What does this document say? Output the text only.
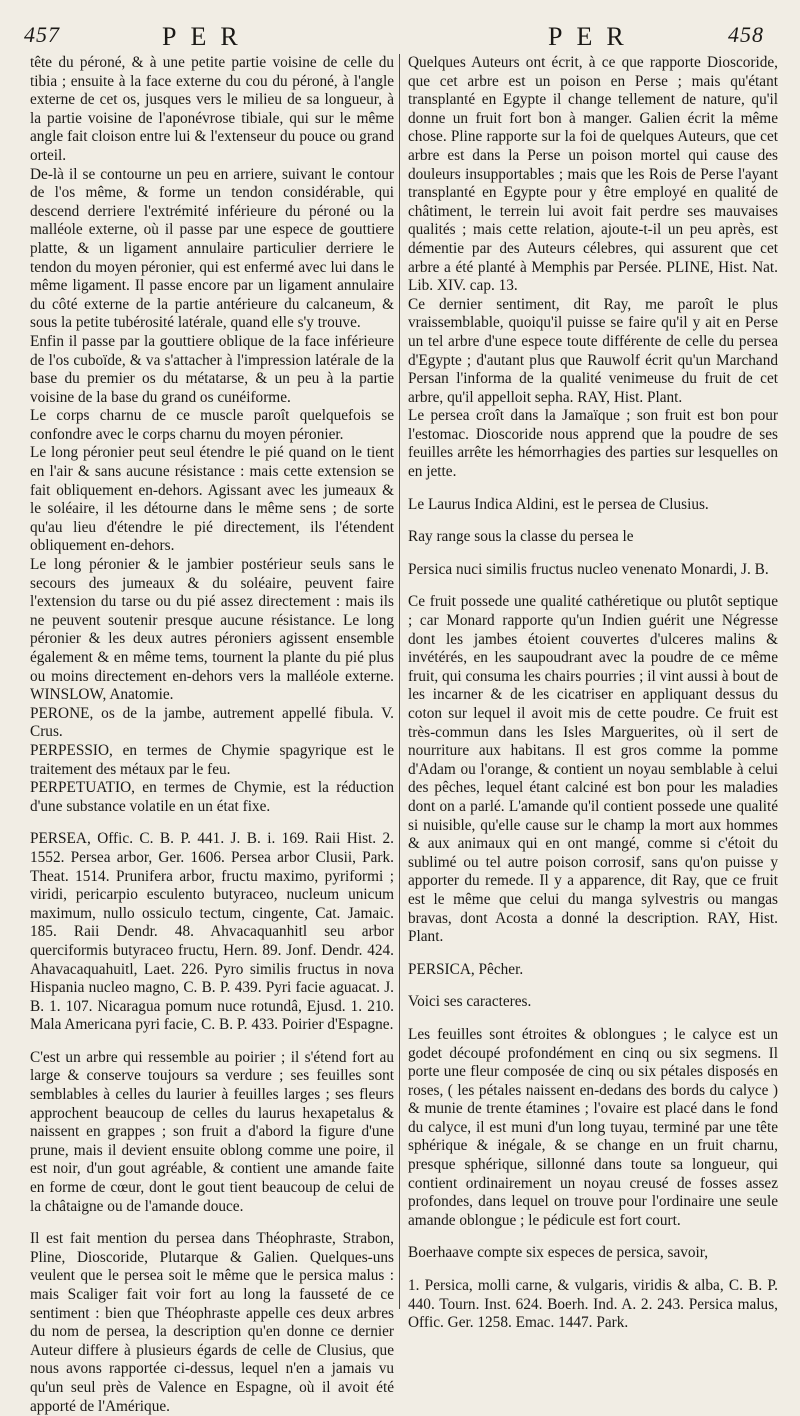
457	PER	PER	458

tête du péroné, & à une petite partie voisine de celle du tibia ; ensuite à la face externe du cou du péroné, à l'angle externe de cet os, jusques vers le milieu de sa longueur, à la partie voisine de l'aponévrose tibiale, qui sur le même angle fait cloison entre lui & l'extenseur du pouce ou grand orteil.

De-là il se contourne un peu en arriere, suivant le contour de l'os même, & forme un tendon considérable, qui descend derriere l'extrémité inférieure du péroné ou la malléole externe, où il passe par une espece de gouttiere platte, & un ligament annulaire particulier derriere le tendon du moyen péronier, qui est enfermé avec lui dans le même ligament. Il passe encore par un ligament annulaire du côté externe de la partie antérieure du calcaneum, & sous la petite tubérosité latérale, quand elle s'y trouve.

Enfin il passe par la gouttiere oblique de la face inférieure de l'os cuboïde, & va s'attacher à l'impression latérale de la base du premier os du métatarse, & un peu à la partie voisine de la base du grand os cunéiforme.

Le corps charnu de ce muscle paroît quelquefois se confondre avec le corps charnu du moyen péronier.

Le long péronier peut seul étendre le pié quand on le tient en l'air & sans aucune résistance : mais cette extension se fait obliquement en-dehors. Agissant avec les jumeaux & le soléaire, il les détourne dans le même sens ; de sorte qu'au lieu d'étendre le pié directement, ils l'étendent obliquement en-dehors.

Le long péronier & le jambier postérieur seuls sans le secours des jumeaux & du soléaire, peuvent faire l'extension du tarse ou du pié assez directement : mais ils ne peuvent soutenir presque aucune résistance. Le long péronier & les deux autres péroniers agissent ensemble également & en même tems, tournent la plante du pié plus ou moins directement en-dehors vers la malléole externe. WINSLOW, Anatomie.

PERONE, os de la jambe, autrement appellé fibula. V. Crus.

PERPESSIO, en termes de Chymie spagyrique est le traitement des métaux par le feu.

PERPETUATIO, en termes de Chymie, est la réduction d'une substance volatile en un état fixe.

PERSEA, Offic. C. B. P. 441. J. B. i. 169. Raii Hist. 2. 1552. Persea arbor, Ger. 1606. Persea arbor Clusii, Park. Theat. 1514. Prunifera arbor, fructu maximo, pyriformi ; viridi, pericarpio esculento butyraceo, nucleum unicum maximum, nullo ossiculo tectum, cingente, Cat. Jamaic. 185. Raii Dendr. 48. Ahvacaquanhitl seu arbor querciformis butyraceo fructu, Hern. 89. Jonf. Dendr. 424. Ahavacaquahuitl, Laet. 226. Pyro similis fructus in nova Hispania nucleo magno, C. B. P. 439. Pyri facie aguacat. J. B. 1. 107. Nicaragua pomum nuce rotundâ, Ejusd. 1. 210. Mala Americana pyri facie, C. B. P. 433. Poirier d'Espagne.

C'est un arbre qui ressemble au poirier ; il s'étend fort au large & conserve toujours sa verdure ; ses feuilles sont semblables à celles du laurier à feuilles larges ; ses fleurs approchent beaucoup de celles du laurus hexapetalus & naissent en grappes ; son fruit a d'abord la figure d'une prune, mais il devient ensuite oblong comme une poire, il est noir, d'un gout agréable, & contient une amande faite en forme de cœur, dont le gout tient beaucoup de celui de la châtaigne ou de l'amande douce.

Il est fait mention du persea dans Théophraste, Strabon, Pline, Dioscoride, Plutarque & Galien. Quelques-uns veulent que le persea soit le même que le persica malus : mais Scaliger fait voir fort au long la fausseté de ce sentiment : bien que Théophraste appelle ces deux arbres du nom de persea, la description qu'en donne ce dernier Auteur differe à plusieurs égards de celle de Clusius, que nous avons rapportée ci-dessus, lequel n'en a jamais vu qu'un seul près de Valence en Espagne, où il avoit été apporté de l'Amérique.

Quelques Auteurs ont écrit, à ce que rapporte Dioscoride, que cet arbre est un poison en Perse ; mais qu'étant transplanté en Egypte il change tellement de nature, qu'il donne un fruit fort bon à manger. Galien écrit la même chose. Pline rapporte sur la foi de quelques Auteurs, que cet arbre est dans la Perse un poison mortel qui cause des douleurs insupportables ; mais que les Rois de Perse l'ayant transplanté en Egypte pour y être employé en qualité de châtiment, le terrein lui avoit fait perdre ses mauvaises qualités ; mais cette relation, ajoute-t-il un peu après, est démentie par des Auteurs célebres, qui assurent que cet arbre a été planté à Memphis par Persée. PLINE, Hist. Nat. Lib. XIV. cap. 13.

Ce dernier sentiment, dit Ray, me paroît le plus vraissemblable, quoiqu'il puisse se faire qu'il y ait en Perse un tel arbre d'une espece toute différente de celle du persea d'Egypte ; d'autant plus que Rauwolf écrit qu'un Marchand Persan l'informa de la qualité venimeuse du fruit de cet arbre, qu'il appelloit sepha. RAY, Hist. Plant.

Le persea croît dans la Jamaïque ; son fruit est bon pour l'estomac. Dioscoride nous apprend que la poudre de ses feuilles arrête les hémorrhagies des parties sur lesquelles on en jette.

Le Laurus Indica Aldini, est le persea de Clusius.

Ray range sous la classe du persea le

Persica nuci similis fructus nucleo venenato Monardi, J. B.

Ce fruit possede une qualité cathéretique ou plutôt septique ; car Monard rapporte qu'un Indien guérit une Négresse dont les jambes étoient couvertes d'ulceres malins & invétérés, en les saupoudrant avec la poudre de ce même fruit, qui consuma les chairs pourries ; il vint aussi à bout de les incarner & de les cicatriser en appliquant dessus du coton sur lequel il avoit mis de cette poudre. Ce fruit est très-commun dans les Isles Marguerites, où il sert de nourriture aux habitans. Il est gros comme la pomme d'Adam ou l'orange, & contient un noyau semblable à celui des pêches, lequel étant calciné est bon pour les maladies dont on a parlé. L'amande qu'il contient possede une qualité si nuisible, qu'elle cause sur le champ la mort aux hommes & aux animaux qui en ont mangé, comme si c'étoit du sublimé ou tel autre poison corrosif, sans qu'on puisse y apporter du remede. Il y a apparence, dit Ray, que ce fruit est le même que celui du manga sylvestris ou mangas bravas, dont Acosta a donné la description. RAY, Hist. Plant.

PERSICA, Pêcher.

Voici ses caracteres.

Les feuilles sont étroites & oblongues ; le calyce est un godet découpé profondément en cinq ou six segmens. Il porte une fleur composée de cinq ou six pétales disposés en roses, ( les pétales naissent en-dedans des bords du calyce ) & munie de trente étamines ; l'ovaire est placé dans le fond du calyce, il est muni d'un long tuyau, terminé par une tête sphérique & inégale, & se change en un fruit charnu, presque sphérique, sillonné dans toute sa longueur, qui contient ordinairement un noyau creusé de fosses assez profondes, dans lequel on trouve pour l'ordinaire une seule amande oblongue ; le pédicule est fort court.

Boerhaave compte six especes de persica, savoir,

1. Persica, molli carne, & vulgaris, viridis & alba, C. B. P. 440. Tourn. Inst. 624. Boerh. Ind. A. 2. 243. Persica malus, Offic. Ger. 1258. Emac. 1447. Park.
